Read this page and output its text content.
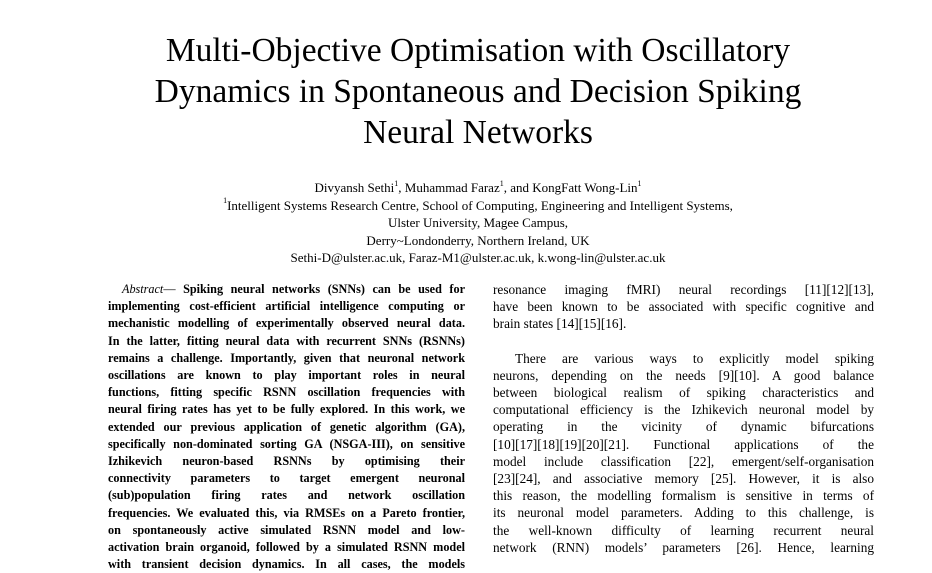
Multi-Objective Optimisation with Oscillatory
Dynamics in Spontaneous and Decision Spiking
Neural Networks
Divyansh Sethi$^1$, Muhammad Faraz$^1$, and KongFatt Wong-Lin$^1$
$^1$Intelligent Systems Research Centre, School of Computing, Engineering and Intelligent Systems,
Ulster University, Magee Campus,
Derry~Londonderry, Northern Ireland, UK
Sethi-D@ulster.ac.uk, Faraz-M1@ulster.ac.uk, k.wong-lin@ulster.ac.uk
Abstract— Spiking neural networks (SNNs) can be used for
implementing cost-efficient artificial intelligence computing or
mechanistic modelling of experimentally observed neural data.
In the latter, fitting neural data with recurrent SNNs (RSNNs)
remains a challenge. Importantly, given that neuronal network
oscillations are known to play important roles in neural
functions, fitting specific RSNN oscillation frequencies with
neural firing rates has yet to be fully explored. In this work, we
extended our previous application of genetic algorithm (GA),
specifically non-dominated sorting GA (NSGA-III), on sensitive
Izhikevich neuron-based RSNNs by optimising their
connectivity parameters to target emergent neuronal
(sub)population firing rates and network oscillation
frequencies. We evaluated this, via RMSEs on a Pareto frontier,
on spontaneously active simulated RSNN model and low-
activation brain organoid, followed by a simulated RSNN model
with transient decision dynamics. In all cases, the models
resonance imaging fMRI) neural recordings [11][12][13],
have been known to be associated with specific cognitive and
brain states [14][15][16].
There are various ways to explicitly model spiking
neurons, depending on the needs [9][10]. A good balance
between biological realism of spiking characteristics and
computational efficiency is the Izhikevich neuronal model by
operating in the vicinity of dynamic bifurcations
[10][17][18][19][20][21]. Functional applications of the
model include classification [22], emergent/self-organisation
[23][24], and associative memory [25]. However, it is also
this reason, the modelling formalism is sensitive in terms of
its neuronal model parameters. Adding to this challenge, is
the well-known difficulty of learning recurrent neural
network (RNN) models’ parameters [26]. Hence, learning
